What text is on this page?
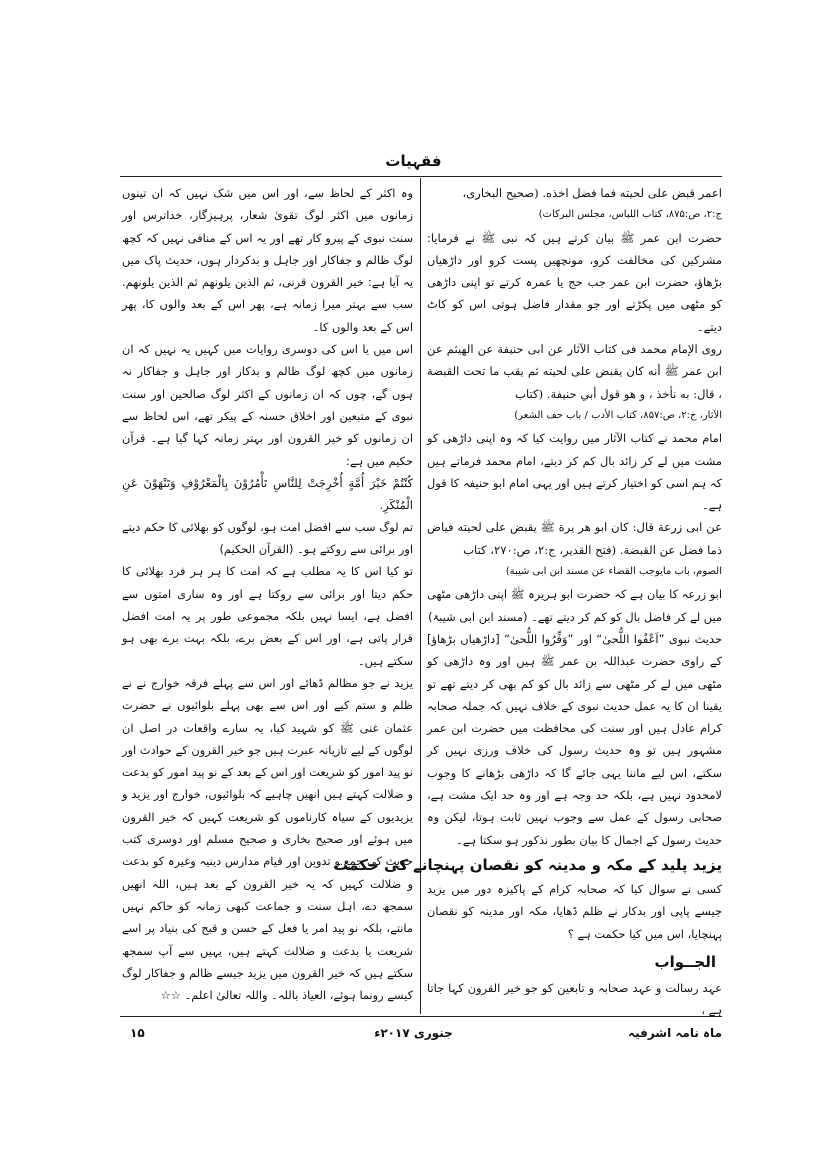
فقہیات
اعمر قبض علی لحیته فما فضل اخذه. (صحیح البخاری،
ج:۲، ص:۸۷۵، کتاب اللباس، مجلس البرکات)
حضرت ابن عمر ﷺ بیان کرتے ہیں کہ نبی ﷺ نے فرمایا: مشرکین کی مخالفت کرو، مونچھیں پست کرو اور داڑھیاں بڑھاؤ، حضرت ابن عمر جب حج یا عمرہ کرتے تو اپنی داڑھی کو مٹھی میں پکڑتے اور جو مقدار فاضل ہوتی اس کو کاٹ دیتے۔
روی الإمام محمد فی کتاب الآثار عن ابی حنیفة عن الهیثم عن ابن عمر ﷺ أنه کان یقبض علی لحیته ثم یقب ما تحت القبضة ، قال: به نأخذ ، و هو قول أبي حنیفة. (کتاب
الآثار، ج:۲، ص:۸۵۷، کتاب الأدب / باب حف الشعر)
امام محمد نے کتاب الآثار میں روایت کیا کہ وہ اپنی داڑھی کو مشت میں لے کر زائد بال کم کر دیتے، امام محمد فرماتے ہیں کہ ہم اسی کو اختیار کرتے ہیں اور یہی امام ابو حنیفہ کا قول ہے۔
عن ابی زرعة قال: کان ابو هر یرة ﷺ یقبض علی لحیته فیاض ذما فضل عن القبضة. (فتح القدیر، ج:۲، ص:۲۷۰، کتاب
الصوم، باب مایوجب القضاء عن مسند ابن ابی شیبة)
ابو زرعہ کا بیان ہے کہ حضرت ابو ہریرہ ﷺ اپنی داڑھی مٹھی میں لے کر فاضل بال کو کم کر دیتے تھے۔ (مسند ابن ابی شیبۃ)
حدیث نبوی ”اَعْفُوا اللُّحیٰ“ اور ”وَفِّرُوا اللُّحیٰ“ [داڑھیاں بڑھاؤ] کے راوی حضرت عبداللہ بن عمر ﷺ ہیں اور وہ داڑھی کو مٹھی میں لے کر مٹھی سے زائد بال کو کم بھی کر دیتے تھے تو یقینا ان کا یہ عمل حدیث نبوی کے خلاف نہیں کہ جملہ صحابہ کرام عادل ہیں اور سنت کی محافظت میں حضرت ابن عمر مشہور ہیں تو وہ حدیث رسول کی خلاف ورزی نہیں کر سکتے، اس لیے ماننا یہی جائے گا کہ داڑھی بڑھانے کا وجوب لامحدود نہیں ہے، بلکہ حد وجہ ہے اور وہ حد ایک مشت ہے، صحابی رسول کے عمل سے وجوب نہیں ثابت ہوتا، لیکن وہ حدیث رسول کے اجمال کا بیان بطور نذکور ہو سکتا ہے۔
یزید پلید کے مکہ و مدینہ کو نقصان پہنچانے کی حکمت
کسی نے سوال کیا کہ صحابہ کرام کے پاکیزہ دور میں یزید جیسے پاپی اور بدکار نے ظلم ڈھایا، مکہ اور مدینہ کو نقصان پہنچایا، اس میں کیا حکمت ہے ؟
الجــواب
عہد رسالت و عہد صحابہ و تابعین کو جو خیر القرون کہا جاتا ہے ،
وہ اکثر کے لحاظ سے، اور اس میں شک نہیں کہ ان تینوں زمانوں میں اکثر لوگ تقویٰ شعار، پرہیزگار، خداترس اور سنت نبوی کے پیرو کار تھے اور یہ اس کے منافی نہیں کہ کچھ لوگ ظالم و جفاکار اور جاہل و بدکردار ہوں، حدیث پاک میں یہ آیا ہے: خیر القرون قرنی، ثم الذین یلونهم ثم الذین یلونهم. سب سے بہتر میرا زمانہ ہے، پھر اس کے بعد والوں کا، پھر اس کے بعد والوں کا۔
اس میں یا اس کی دوسری روایات میں کہیں یہ نہیں کہ ان زمانوں میں کچھ لوگ ظالم و بدکار اور جاہل و جفاکار نہ ہوں گے، چوں کہ ان زمانوں کے اکثر لوگ صالحین اور سنت نبوی کے متبعین اور اخلاق حسنہ کے پیکر تھے، اس لحاظ سے ان زمانوں کو خیر القرون اور بہتر زمانہ کہا گیا ہے۔ قرآن حکیم میں ہے:
كُنْتُمْ خَيْرَ أُمَّةٍ أُخْرِجَتْ لِلنَّاسِ تَأْمُرُوْنَ بِالْمَعْرُوْفِ وَتَنْهَوْنَ عَنِ الْمُنْكَرِ.
تم لوگ سب سے افضل امت ہو، لوگوں کو بھلائی کا حکم دیتے اور برائی سے روکتے ہو۔ (القرآن الحکیم)
تو کیا اس کا یہ مطلب ہے کہ امت کا ہر ہر فرد بھلائی کا حکم دیتا اور برائی سے روکتا ہے اور وہ ساری امتوں سے افضل ہے، ایسا نہیں بلکہ مجموعی طور پر یہ امت افضل قرار پاتی ہے، اور اس کے بعض برے، بلکہ بہت برے بھی ہو سکتے ہیں۔
یزید نے جو مظالم ڈھائے اور اس سے پہلے فرقہ خوارج نے نے ظلم و ستم کیے اور اس سے بھی پہلے بلوائیوں نے حضرت عثمان غنی ﷺ کو شہید کیا، یہ سارے واقعات در اصل ان لوگوں کے لیے تازیانہ عبرت ہیں جو خیر القرون کے حوادث اور نو پید امور کو شریعت اور اس کے بعد کے نو پید امور کو بدعت و ضلالت کہتے ہیں انھیں چاہیے کہ بلوائیوں، خوارج اور یزید و یزیدیوں کے سیاہ کارناموں کو شریعت کہیں کہ خیر القرون میں ہوئے اور صحیح بخاری و صحیح مسلم اور دوسری کتب حدیث کی جمع و تدوین اور قیام مدارس دینیہ وغیرہ کو بدعت و ضلالت کہیں کہ یہ خیر القرون کے بعد ہیں، اللہ انھیں سمجھ دے، اہل سنت و جماعت کبھی زمانہ کو حاکم نہیں مانتے، بلکہ نو پید امر یا فعل کے حسن و قبح کی بنیاد پر اسے شریعت یا بدعت و ضلالت کہتے ہیں، یہیں سے آپ سمجھ سکتے ہیں کہ خیر القرون میں یزید جیسے ظالم و جفاکار لوگ کیسے رونما ہوئے، العیاذ باللہ۔ واللہ تعالیٰ اعلم۔ ☆☆
۱۵	جنوری ۲۰۱۷ء	ماہ نامہ اشرفیہ
